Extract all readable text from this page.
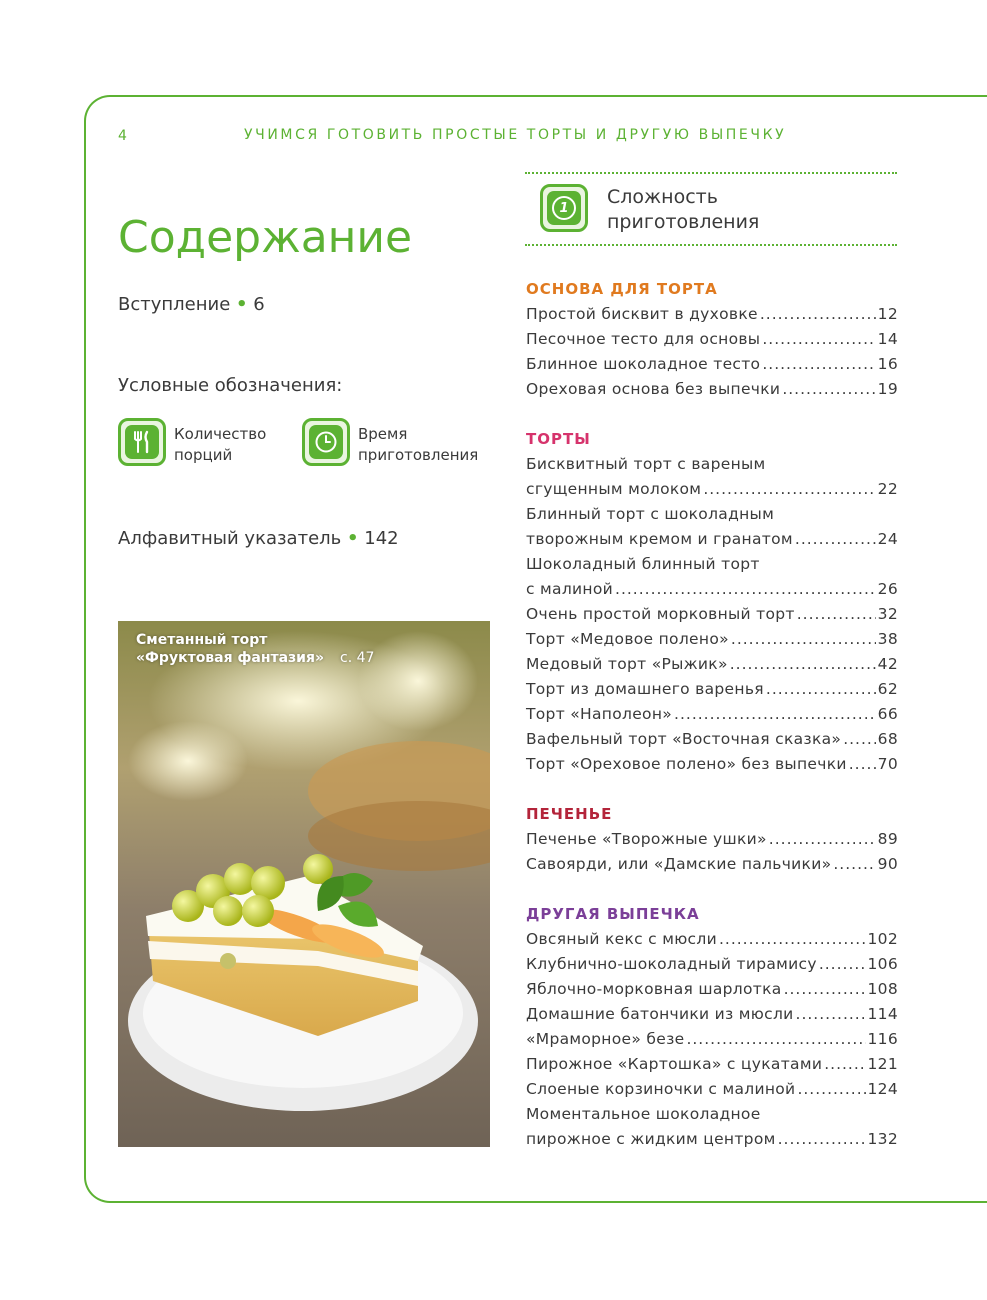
4	УЧИМСЯ ГОТОВИТЬ ПРОСТЫЕ ТОРТЫ И ДРУГУЮ ВЫПЕЧКУ
Содержание
Вступление • 6
Условные обозначения:
Количество порций
Время приготовления
Алфавитный указатель • 142
Сметанный торт
«Фруктовая фантазия» с. 47
1	Сложность
приготовления
ОСНОВА ДЛЯ ТОРТА
Простой бисквит в духовке .....	12
Песочное тесто для основы .....	14
Блинное шоколадное тесто .....	16
Ореховая основа без выпечки .....	19
ТОРТЫ
Бисквитный торт с вареным
сгущенным молоком .....	22
Блинный торт с шоколадным
творожным кремом и гранатом .....	24
Шоколадный блинный торт
с малиной .....	26
Очень простой морковный торт .....	32
Торт «Медовое полено» .....	38
Медовый торт «Рыжик» .....	42
Торт из домашнего варенья .....	62
Торт «Наполеон» .....	66
Вафельный торт «Восточная сказка» ..... 68
Торт «Ореховое полено» без выпечки ..... 70
ПЕЧЕНЬЕ
Печенье «Творожные ушки» .....	89
Савоярди, или «Дамские пальчики» .....	90
ДРУГАЯ ВЫПЕЧКА
Овсяный кекс с мюсли .....	102
Клубнично-шоколадный тирамису .....	106
Яблочно-морковная шарлотка .....	108
Домашние батончики из мюсли .....	114
«Мраморное» безе .....	116
Пирожное «Картошка» с цукатами .....	121
Слоеные корзиночки с малиной .....	124
Моментальное шоколадное
пирожное с жидким центром .....	132
